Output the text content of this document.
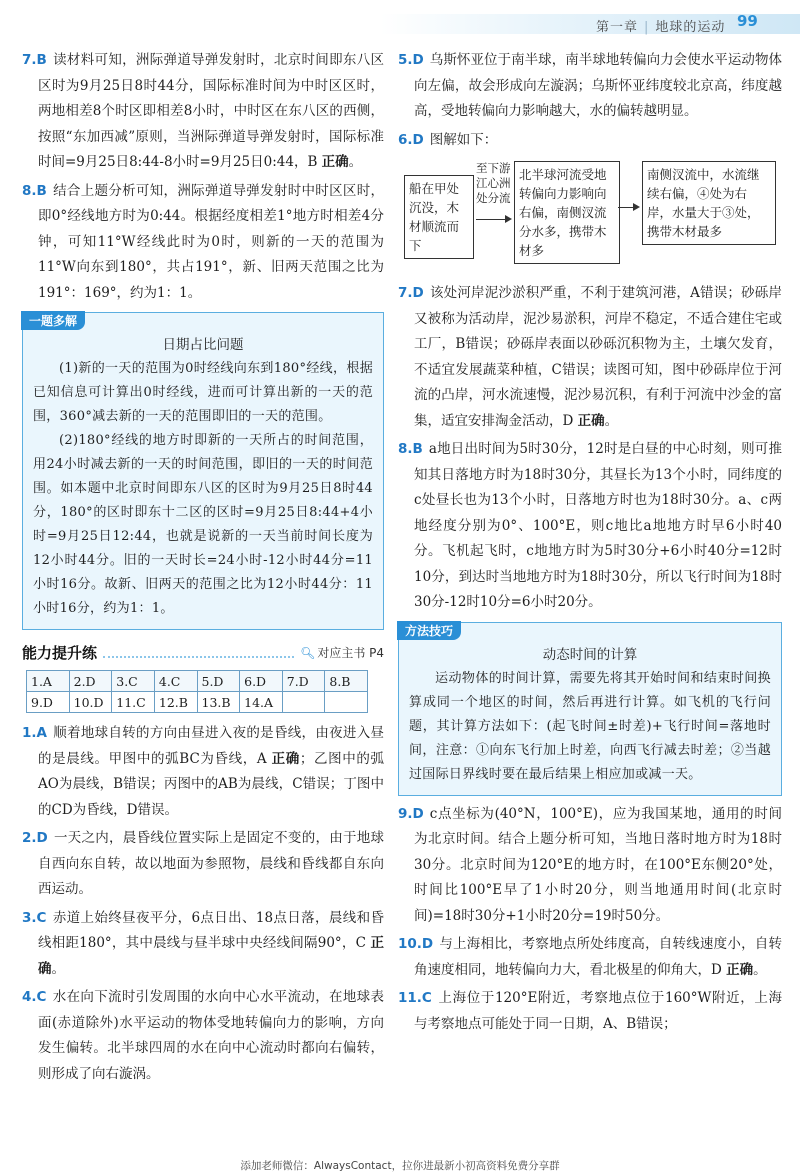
第一章 | 地球的运动 99

7.B 读材料可知，洲际弹道导弹发射时，北京时间即东八区区时为9月25日8时44分，国际标准时间为中时区区时，两地相差8个时区即相差8小时，中时区在东八区的西侧，按照“东加西减”原则，当洲际弹道导弹发射时，国际标准时间=9月25日8:44-8小时=9月25日0:44，B 正确。

8.B 结合上题分析可知，洲际弹道导弹发射时中时区区时，即0°经线地方时为0:44。根据经度相差1°地方时相差4分钟，可知11°W经线此时为0时，则新的一天的范围为11°W向东到180°，共占191°，新、旧两天范围之比为191°：169°，约为1：1。

一题多解
日期占比问题

(1)新的一天的范围为0时经线向东到180°经线，根据已知信息可计算出0时经线，进而可计算出新的一天的范围，360°减去新的一天的范围即旧的一天的范围。

(2)180°经线的地方时即新的一天所占的时间范围，用24小时减去新的一天的时间范围，即旧的一天的时间范围。如本题中北京时间即东八区的区时为9月25日8时44分，180°的区时即东十二区的区时=9月25日8:44+4小时=9月25日12:44，也就是说新的一天当前时间长度为12小时44分。旧的一天时长=24小时-12小时44分=11小时16分。故新、旧两天的范围之比为12小时44分：11小时16分，约为1：1。

能力提升练	🔍︎ 对应主书 P4
1.A	2.D	3.C	4.C	5.D	6.D	7.D	8.B
9.D	10.D	11.C	12.B	13.B	14.A		

1.A 顺着地球自转的方向由昼进入夜的是昏线，由夜进入昼的是晨线。甲图中的弧BC为昏线，A 正确；乙图中的弧AO为晨线，B错误；丙图中的AB为晨线，C错误；丁图中的CD为昏线，D错误。

2.D 一天之内，晨昏线位置实际上是固定不变的，由于地球自西向东自转，故以地面为参照物，晨线和昏线都自东向西运动。

3.C 赤道上始终昼夜平分，6点日出、18点日落，晨线和昏线相距180°，其中晨线与昼半球中央经线间隔90°，C 正确。

4.C 水在向下流时引发周围的水向中心水平流动，在地球表面(赤道除外)水平运动的物体受地转偏向力的影响，方向发生偏转。北半球四周的水在向中心流动时都向右偏转，则形成了向右漩涡。

5.D 乌斯怀亚位于南半球，南半球地转偏向力会使水平运动物体向左偏，故会形成向左漩涡；乌斯怀亚纬度较北京高，纬度越高，受地转偏向力影响越大，水的偏转越明显。

6.D 图解如下：

船在甲处沉没，木材顺流而下
至下游江心洲处分流
北半球河流受地转偏向力影响向右偏，南侧汊流分水多，携带木材多
南侧汊流中，水流继续右偏，④处为右岸，水量大于③处，携带木材最多

7.D 该处河岸泥沙淤积严重，不利于建筑河港，A错误；砂砾岸又被称为活动岸，泥沙易淤积，河岸不稳定，不适合建住宅或工厂，B错误；砂砾岸表面以砂砾沉积物为主，土壤欠发育，不适宜发展蔬菜种植，C错误；读图可知，图中砂砾岸位于河流的凸岸，河水流速慢，泥沙易沉积，有利于河流中沙金的富集，适宜安排淘金活动，D 正确。

8.B a地日出时间为5时30分，12时是白昼的中心时刻，则可推知其日落地方时为18时30分，其昼长为13个小时，同纬度的c处昼长也为13个小时，日落地方时也为18时30分。a、c两地经度分别为0°、100°E，则c地比a地地方时早6小时40分。飞机起飞时，c地地方时为5时30分+6小时40分=12时10分，到达时当地地方时为18时30分，所以飞行时间为18时30分-12时10分=6小时20分。

方法技巧
动态时间的计算

运动物体的时间计算，需要先将其开始时间和结束时间换算成同一个地区的时间，然后再进行计算。如飞机的飞行问题，其计算方法如下：(起飞时间±时差)+飞行时间=落地时间，注意：①向东飞行加上时差，向西飞行减去时差；②当越过国际日界线时要在最后结果上相应加或减一天。

9.D c点坐标为(40°N，100°E)，应为我国某地，通用的时间为北京时间。结合上题分析可知，当地日落时地方时为18时30分。北京时间为120°E的地方时，在100°E东侧20°处，时间比100°E早了1小时20分，则当地通用时间(北京时间)=18时30分+1小时20分=19时50分。

10.D 与上海相比，考察地点所处纬度高，自转线速度小，自转角速度相同，地转偏向力大，看北极星的仰角大，D 正确。

11.C 上海位于120°E附近，考察地点位于160°W附近，上海与考察地点可能处于同一日期，A、B错误；

添加老师微信：AlwaysContact，拉你进最新小初高资料免费分享群
